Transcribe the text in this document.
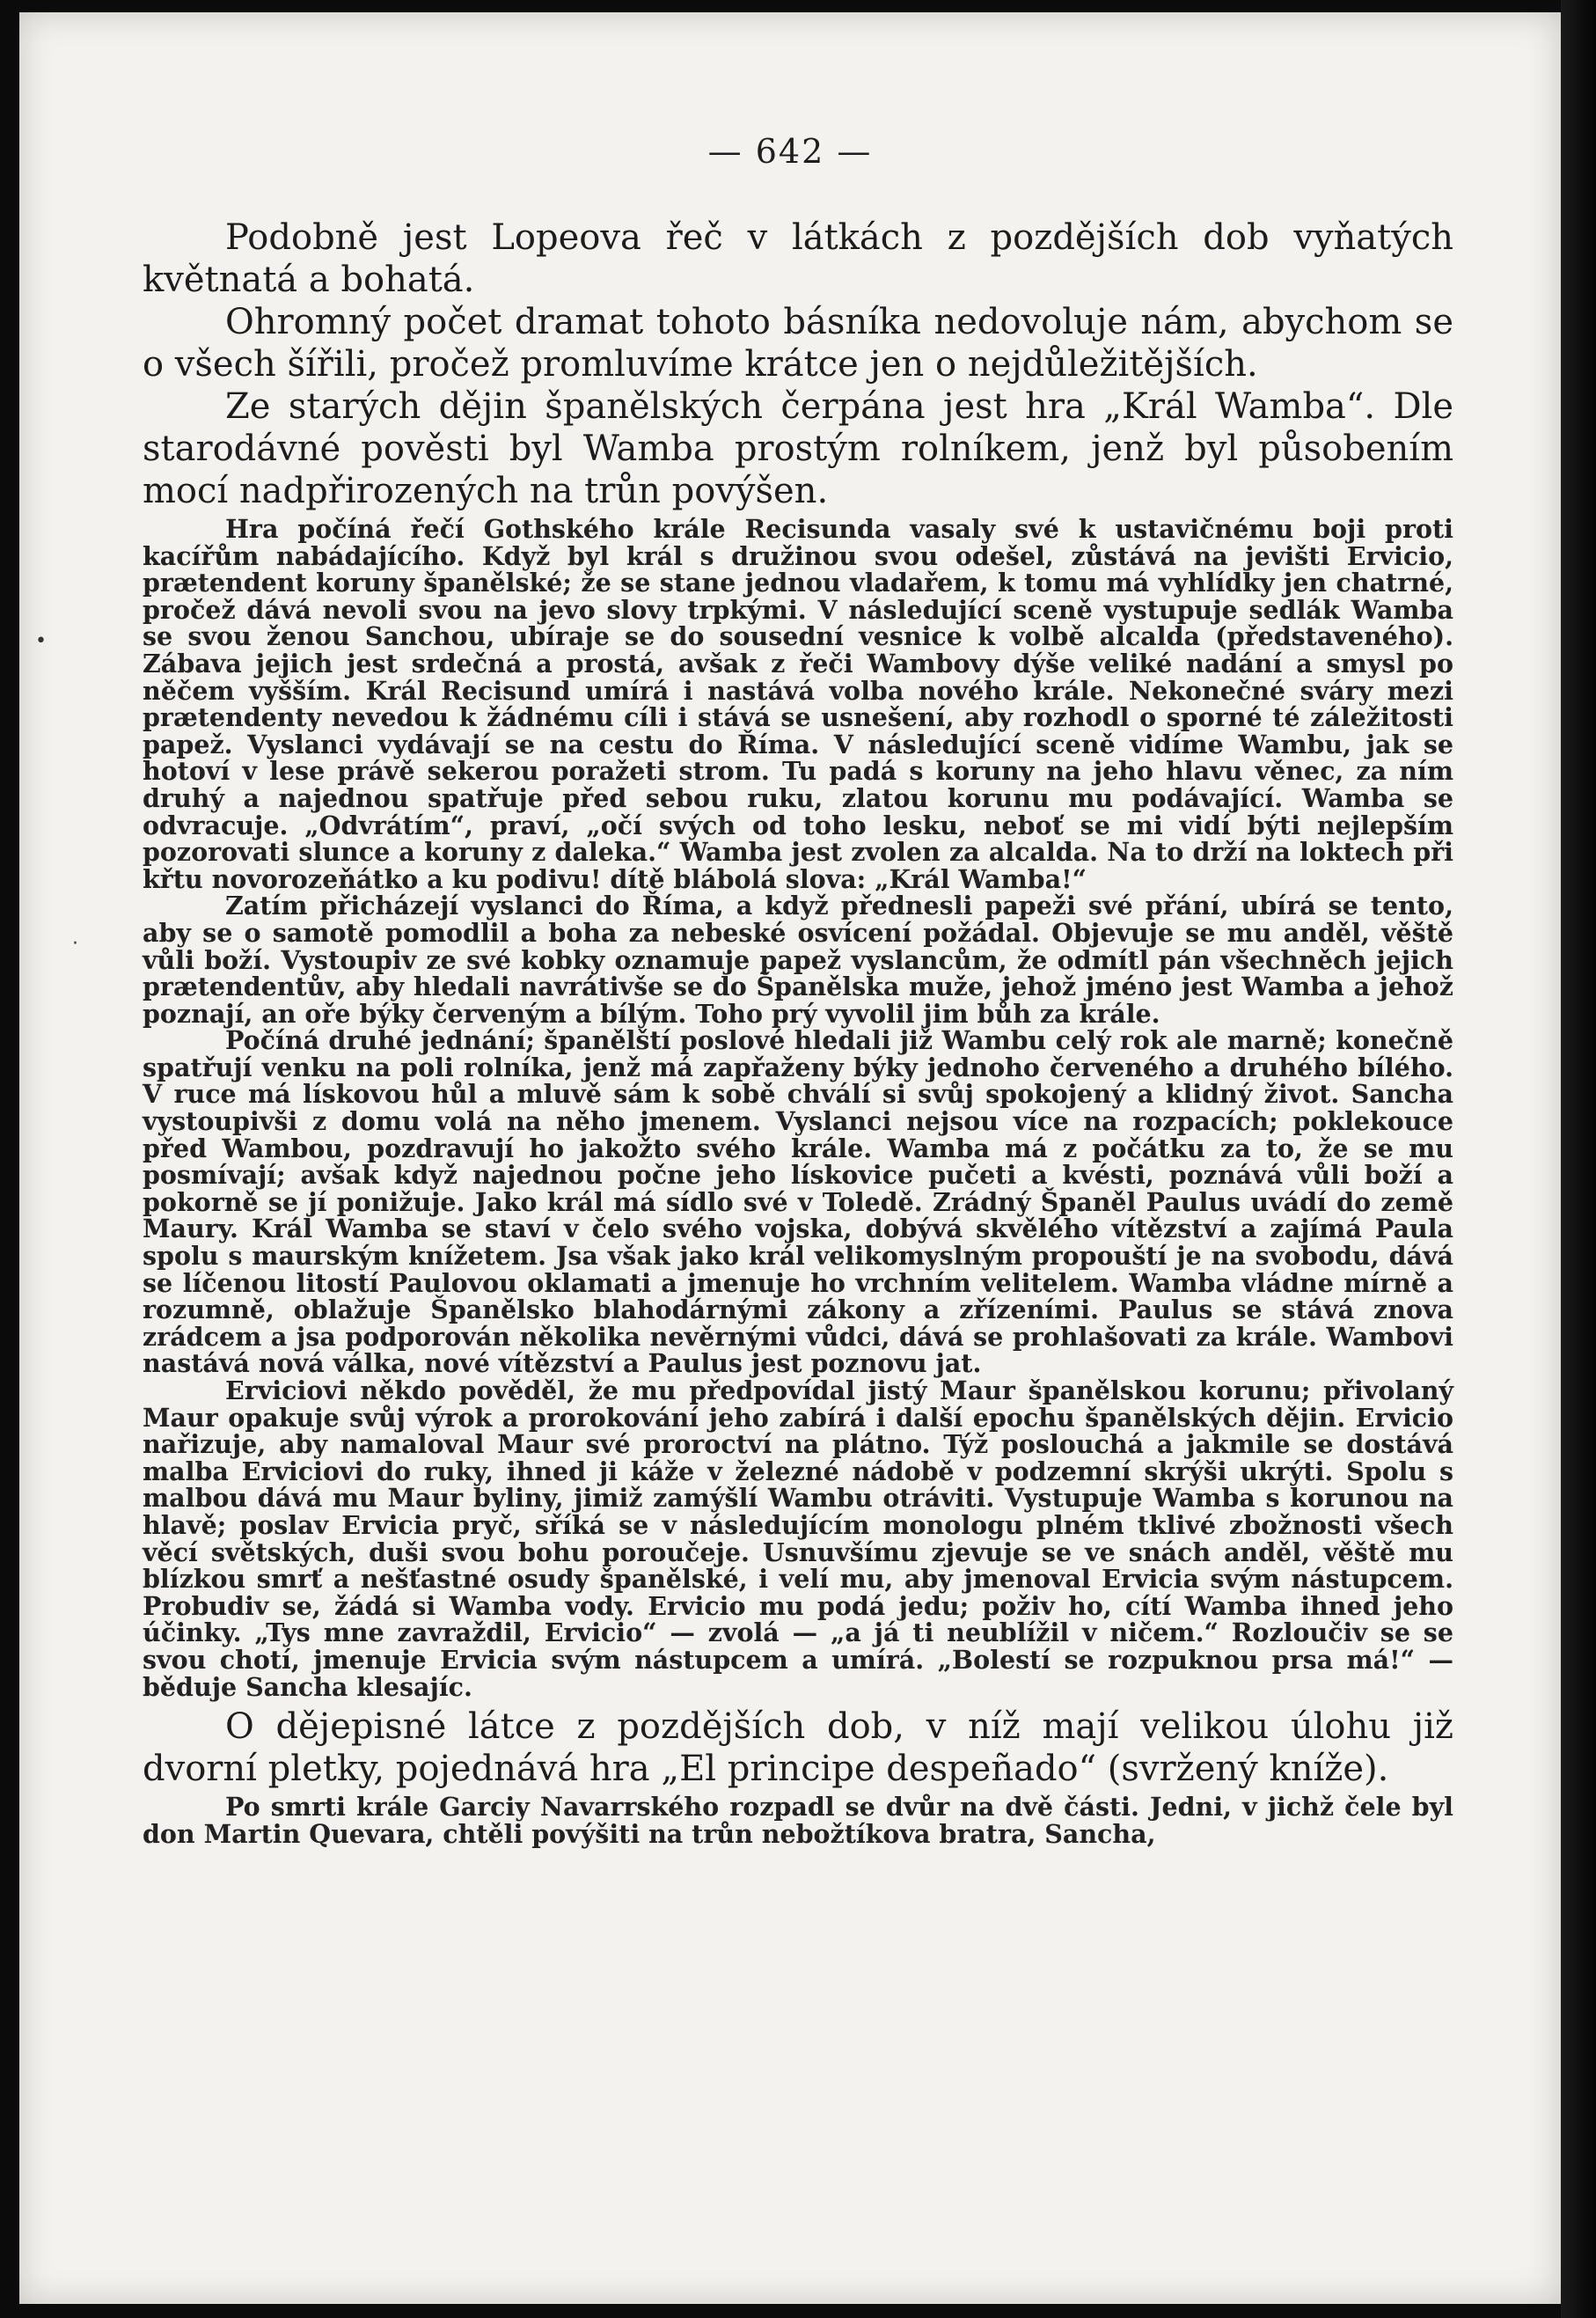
— 642 —

Podobně jest Lopeova řeč v látkách z pozdějších dob vyňatých květnatá a bohatá.

Ohromný počet dramat tohoto básníka nedovoluje nám, abychom se o všech šířili, pročež promluvíme krátce jen o nejdůležitějších.

Ze starých dějin španělských čerpána jest hra „Král Wamba“. Dle starodávné pověsti byl Wamba prostým rolníkem, jenž byl působením mocí nadpřirozených na trůn povýšen.

Hra počíná řečí Gothského krále Recisunda vasaly své k ustavičnému boji proti kacířům nabádajícího. Když byl král s družinou svou odešel, zůstává na jevišti Ervicio, prætendent koruny španělské; že se stane jednou vladařem, k tomu má vyhlídky jen chatrné, pročež dává nevoli svou na jevo slovy trpkými. V následující sceně vystupuje sedlák Wamba se svou ženou Sanchou, ubíraje se do sousední vesnice k volbě alcalda (představeného). Zábava jejich jest srdečná a prostá, avšak z řeči Wambovy dýše veliké nadání a smysl po něčem vyšším. Král Recisund umírá i nastává volba nového krále. Nekonečné sváry mezi prætendenty nevedou k žádnému cíli i stává se usnešení, aby rozhodl o sporné té záležitosti papež. Vyslanci vydávají se na cestu do Říma. V následující sceně vidíme Wambu, jak se hotoví v lese právě sekerou poražeti strom. Tu padá s koruny na jeho hlavu věnec, za ním druhý a najednou spatřuje před sebou ruku, zlatou korunu mu podávající. Wamba se odvracuje. „Odvrátím“, praví, „očí svých od toho lesku, neboť se mi vidí býti nejlepším pozorovati slunce a koruny z daleka.“ Wamba jest zvolen za alcalda. Na to drží na loktech při křtu novorozeňátko a ku podivu! dítě blábolá slova: „Král Wamba!“

Zatím přicházejí vyslanci do Říma, a když přednesli papeži své přání, ubírá se tento, aby se o samotě pomodlil a boha za nebeské osvícení požádal. Objevuje se mu anděl, věště vůli boží. Vystoupiv ze své kobky oznamuje papež vyslancům, že odmítl pán všechněch jejich prætendentův, aby hledali navrátivše se do Španělska muže, jehož jméno jest Wamba a jehož poznají, an oře býky červeným a bílým. Toho prý vyvolil jim bůh za krále.

Počíná druhé jednání; španělští poslové hledali již Wambu celý rok ale marně; konečně spatřují venku na poli rolníka, jenž má zapřaženy býky jednoho červeného a druhého bílého. V ruce má lískovou hůl a mluvě sám k sobě chválí si svůj spokojený a klidný život. Sancha vystoupivši z domu volá na něho jmenem. Vyslanci nejsou více na rozpacích; poklekouce před Wambou, pozdravují ho jakožto svého krále. Wamba má z počátku za to, že se mu posmívají; avšak když najednou počne jeho lískovice pučeti a kvésti, poznává vůli boží a pokorně se jí ponižuje. Jako král má sídlo své v Toledě. Zrádný Španěl Paulus uvádí do země Maury. Král Wamba se staví v čelo svého vojska, dobývá skvělého vítězství a zajímá Paula spolu s maurským knížetem. Jsa však jako král velikomyslným propouští je na svobodu, dává se líčenou litostí Paulovou oklamati a jmenuje ho vrchním velitelem. Wamba vládne mírně a rozumně, oblažuje Španělsko blahodárnými zákony a zřízeními. Paulus se stává znova zrádcem a jsa podporován několika nevěrnými vůdci, dává se prohlašovati za krále. Wambovi nastává nová válka, nové vítězství a Paulus jest poznovu jat.

Erviciovi někdo pověděl, že mu předpovídal jistý Maur španělskou korunu; přivolaný Maur opakuje svůj výrok a prorokování jeho zabírá i další epochu španělských dějin. Ervicio nařizuje, aby namaloval Maur své proroctví na plátno. Týž poslouchá a jakmile se dostává malba Erviciovi do ruky, ihned ji káže v železné nádobě v podzemní skrýši ukrýti. Spolu s malbou dává mu Maur byliny, jimiž zamýšlí Wambu otráviti. Vystupuje Wamba s korunou na hlavě; poslav Ervicia pryč, sříká se v následujícím monologu plném tklivé zbožnosti všech věcí světských, duši svou bohu poroučeje. Usnuvšímu zjevuje se ve snách anděl, věště mu blízkou smrť a nešťastné osudy španělské, i velí mu, aby jmenoval Ervicia svým nástupcem. Probudiv se, žádá si Wamba vody. Ervicio mu podá jedu; poživ ho, cítí Wamba ihned jeho účinky. „Tys mne zavraždil, Ervicio“ — zvolá — „a já ti neublížil v ničem.“ Rozloučiv se se svou chotí, jmenuje Ervicia svým nástupcem a umírá. „Bolestí se rozpuknou prsa má!“ — běduje Sancha klesajíc.

O dějepisné látce z pozdějších dob, v níž mají velikou úlohu již dvorní pletky, pojednává hra „El principe despeñado“ (svržený kníže).

Po smrti krále Garciy Navarrského rozpadl se dvůr na dvě části. Jedni, v jichž čele byl don Martin Quevara, chtěli povýšiti na trůn nebožtíkova bratra, Sancha,

•
·
